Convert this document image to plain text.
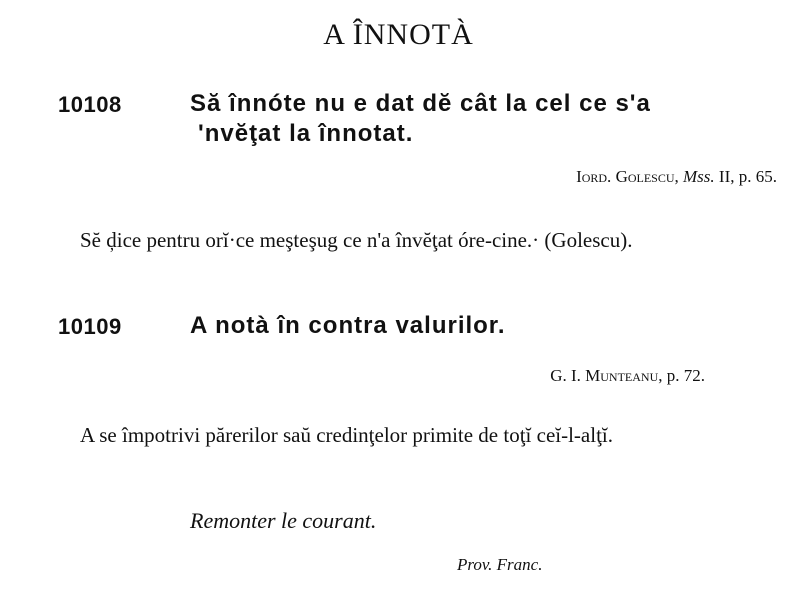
A ÎNNOTÀ
10108	Să înnóte nu e dat dĕ cât la cel ce s'a
'nvĕţat la înnotat.
Iord. Golescu, Mss. II, p. 65.
Sĕ ḑice pentru orĭ·ce meşteşug ce n'a învĕţat óre-cine.· (Golescu).
10109	A notà în contra valurilor.
G. I. Munteanu, p. 72.
A se împotrivi părerilor saŭ credinţelor primite de toţĭ ceĭ-l-alţĭ.
Remonter le courant.
Prov. Franc.
